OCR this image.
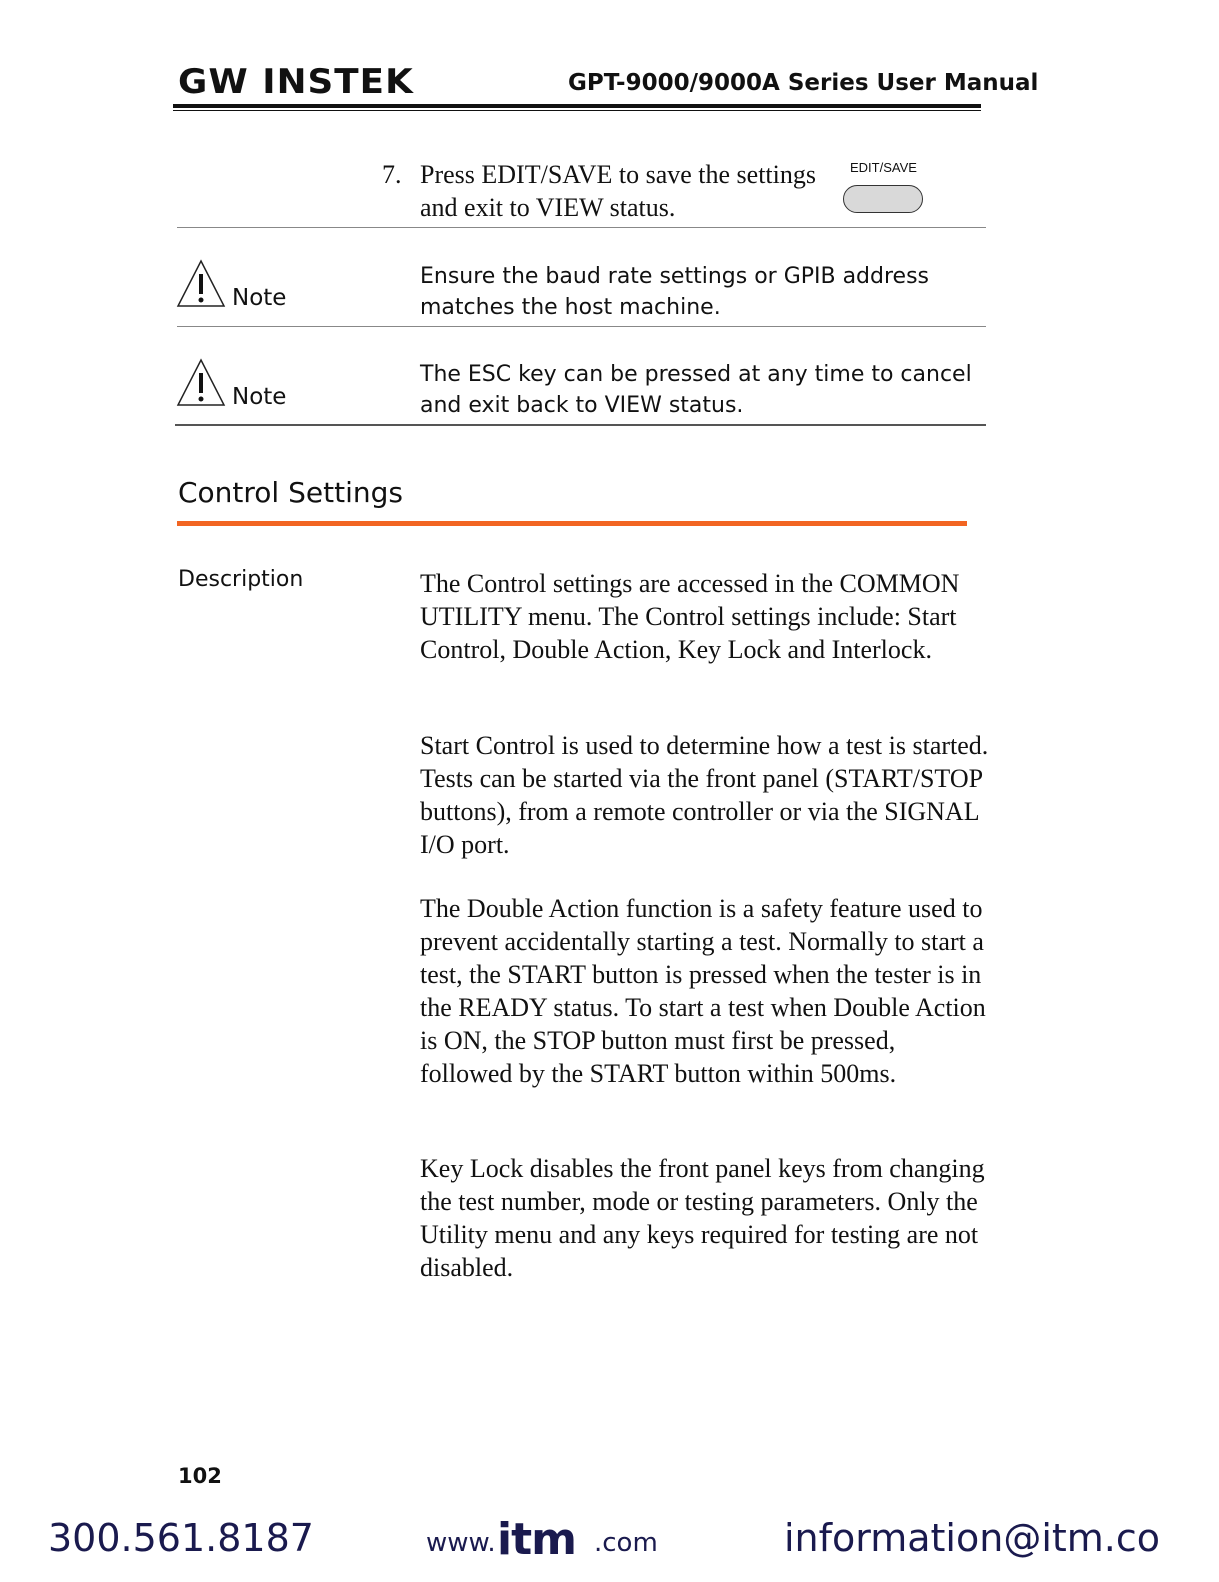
GW INSTEK	GPT-9000/9000A Series User Manual
7. Press EDIT/SAVE to save the settings and exit to VIEW status.
EDIT/SAVE
Note
Ensure the baud rate settings or GPIB address matches the host machine.
Note
The ESC key can be pressed at any time to cancel and exit back to VIEW status.
Control Settings
Description	The Control settings are accessed in the COMMON UTILITY menu. The Control settings include: Start Control, Double Action, Key Lock and Interlock.

Start Control is used to determine how a test is started. Tests can be started via the front panel (START/STOP buttons), from a remote controller or via the SIGNAL I/O port.

The Double Action function is a safety feature used to prevent accidentally starting a test. Normally to start a test, the START button is pressed when the tester is in the READY status. To start a test when Double Action is ON, the STOP button must first be pressed, followed by the START button within 500ms.

Key Lock disables the front panel keys from changing the test number, mode or testing parameters. Only the Utility menu and any keys required for testing are not disabled.

102
300.561.8187	www. itm .com	information@itm.co
